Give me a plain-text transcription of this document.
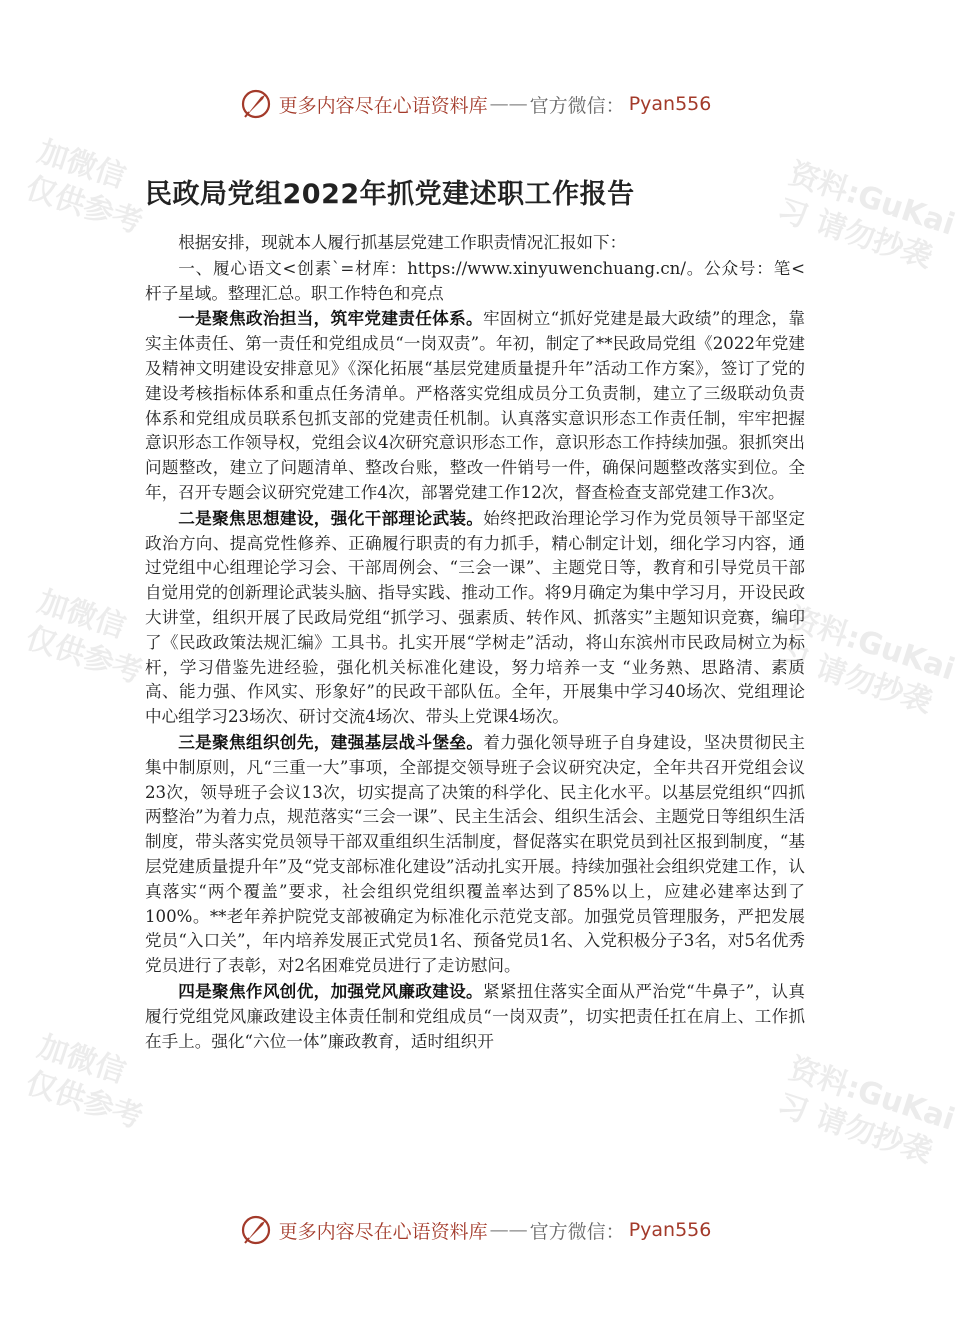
加微信
仅供参考	资料:GuKai
习 请勿抄袭
加微信
仅供参考	资料:GuKai
习 请勿抄袭
加微信
仅供参考	资料:GuKai
习 请勿抄袭
更多内容尽在心语资料库 —— 官方微信： Pyan556
民政局党组2022年抓党建述职工作报告

根据安排，现就本人履行抓基层党建工作职责情况汇报如下：

一、履心语文<创素`=材库：https://www.xinyuwenchuang.cn/。公众号：笔<杆子星域。整理汇总。职工作特色和亮点

一是聚焦政治担当，筑牢党建责任体系。牢固树立“抓好党建是最大政绩”的理念，靠实主体责任、第一责任和党组成员“一岗双责”。年初，制定了**民政局党组《2022年党建及精神文明建设安排意见》《深化拓展“基层党建质量提升年”活动工作方案》，签订了党的建设考核指标体系和重点任务清单。严格落实党组成员分工负责制，建立了三级联动负责体系和党组成员联系包抓支部的党建责任机制。认真落实意识形态工作责任制，牢牢把握意识形态工作领导权，党组会议4次研究意识形态工作，意识形态工作持续加强。狠抓突出问题整改，建立了问题清单、整改台账，整改一件销号一件，确保问题整改落实到位。全年，召开专题会议研究党建工作4次，部署党建工作12次，督查检查支部党建工作3次。

二是聚焦思想建设，强化干部理论武装。始终把政治理论学习作为党员领导干部坚定政治方向、提高党性修养、正确履行职责的有力抓手，精心制定计划，细化学习内容，通过党组中心组理论学习会、干部周例会、“三会一课”、主题党日等，教育和引导党员干部自觉用党的创新理论武装头脑、指导实践、推动工作。将9月确定为集中学习月，开设民政大讲堂，组织开展了民政局党组“抓学习、强素质、转作风、抓落实”主题知识竞赛，编印了《民政政策法规汇编》工具书。扎实开展“学树走”活动，将山东滨州市民政局树立为标杆，学习借鉴先进经验，强化机关标准化建设，努力培养一支 “业务熟、思路清、素质高、能力强、作风实、形象好”的民政干部队伍。全年，开展集中学习40场次、党组理论中心组学习23场次、研讨交流4场次、带头上党课4场次。

三是聚焦组织创先，建强基层战斗堡垒。着力强化领导班子自身建设，坚决贯彻民主集中制原则，凡“三重一大”事项，全部提交领导班子会议研究决定，全年共召开党组会议23次，领导班子会议13次，切实提高了决策的科学化、民主化水平。以基层党组织“四抓两整治”为着力点，规范落实“三会一课”、民主生活会、组织生活会、主题党日等组织生活制度，带头落实党员领导干部双重组织生活制度，督促落实在职党员到社区报到制度，“基层党建质量提升年”及“党支部标准化建设”活动扎实开展。持续加强社会组织党建工作，认真落实“两个覆盖”要求，社会组织党组织覆盖率达到了85%以上，应建必建率达到了100%。**老年养护院党支部被确定为标准化示范党支部。加强党员管理服务，严把发展党员“入口关”，年内培养发展正式党员1名、预备党员1名、入党积极分子3名，对5名优秀党员进行了表彰，对2名困难党员进行了走访慰问。

四是聚焦作风创优，加强党风廉政建设。紧紧扭住落实全面从严治党“牛鼻子”，认真履行党组党风廉政建设主体责任制和党组成员“一岗双责”，切实把责任扛在肩上、工作抓在手上。强化“六位一体”廉政教育，适时组织开

更多内容尽在心语资料库 —— 官方微信： Pyan556
